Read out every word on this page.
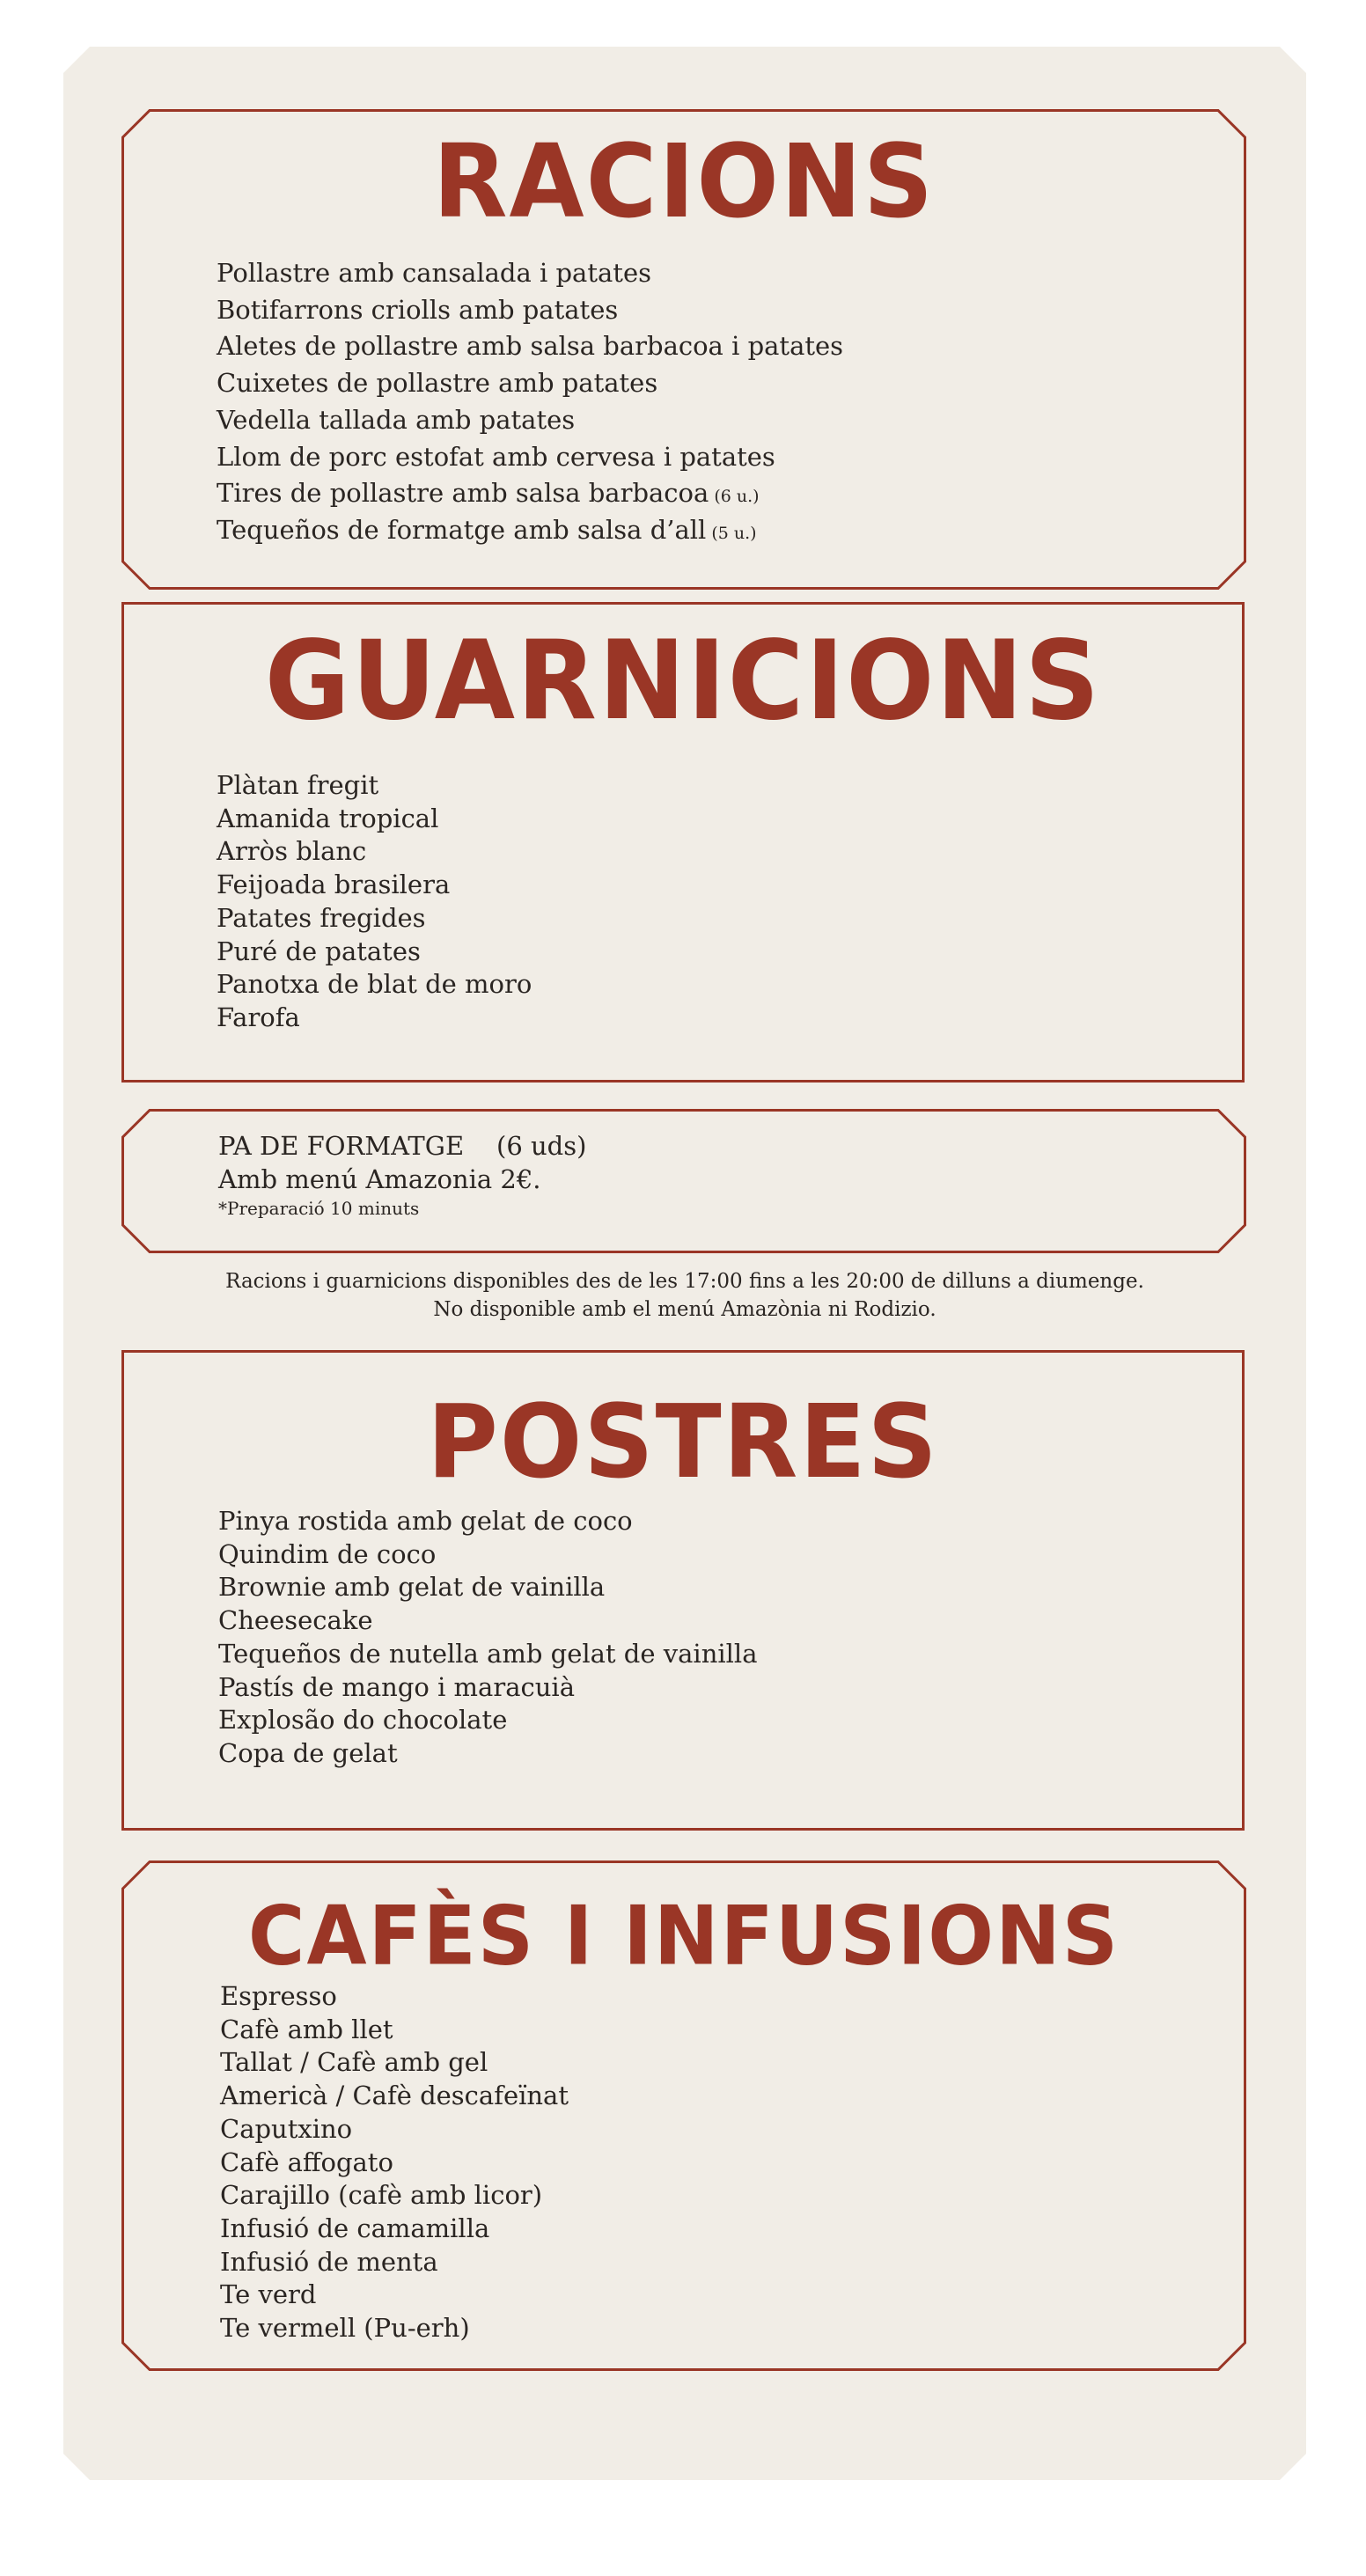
RACIONS
Pollastre amb cansalada i patates
Botifarrons criolls amb patates
Aletes de pollastre amb salsa barbacoa i patates
Cuixetes de pollastre amb patates
Vedella tallada amb patates
Llom de porc estofat amb cervesa i patates
Tires de pollastre amb salsa barbacoa (6 u.)
Tequeños de formatge amb salsa d’all (5 u.)
GUARNICIONS
Plàtan fregit
Amanida tropical
Arròs blanc
Feijoada brasilera
Patates fregides
Puré de patates
Panotxa de blat de moro
Farofa
PA DE FORMATGE (6 uds)
Amb menú Amazonia 2€.
*Preparació 10 minuts
Racions i guarnicions disponibles des de les 17:00 fins a les 20:00 de dilluns a diumenge.
No disponible amb el menú Amazònia ni Rodizio.
POSTRES
Pinya rostida amb gelat de coco
Quindim de coco
Brownie amb gelat de vainilla
Cheesecake
Tequeños de nutella amb gelat de vainilla
Pastís de mango i maracuià
Explosão do chocolate
Copa de gelat
CAFÈS I INFUSIONS
Espresso
Cafè amb llet
Tallat / Cafè amb gel
Americà / Cafè descafeïnat
Caputxino
Cafè affogato
Carajillo (cafè amb licor)
Infusió de camamilla
Infusió de menta
Te verd
Te vermell (Pu-erh)
